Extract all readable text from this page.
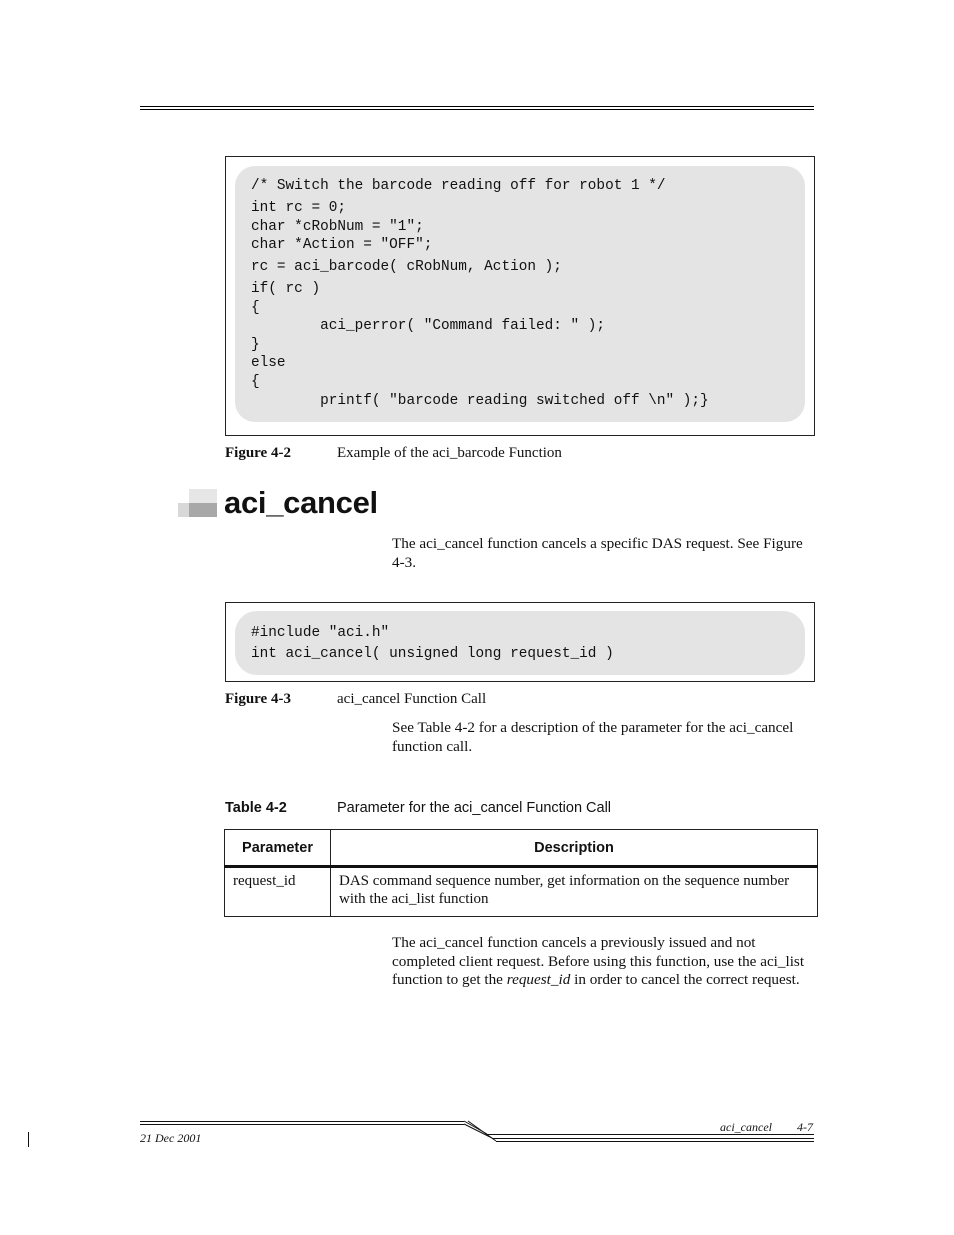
/* Switch the barcode reading off for robot 1 */
int rc = 0;
char *cRobNum = "1";
char *Action = "OFF";
rc = aci_barcode( cRobNum, Action );
if( rc )
{
aci_perror( "Command failed: " );
}
else
{
printf( "barcode reading switched off \n" );}
Figure 4-2	Example of the aci_barcode Function
aci_cancel
The aci_cancel function cancels a specific DAS request. See Figure 4-3.
#include "aci.h"
int aci_cancel( unsigned long request_id )
Figure 4-3	aci_cancel Function Call
See Table 4-2 for a description of the parameter for the aci_cancel function call.
Table 4-2	Parameter for the aci_cancel Function Call
Parameter	Description
request_id	DAS command sequence number, get information on the sequence number with the aci_list function
The aci_cancel function cancels a previously issued and not completed client request. Before using this function, use the aci_list function to get the request_id in order to cancel the correct request.
aci_cancel 4-7
21 Dec 2001
